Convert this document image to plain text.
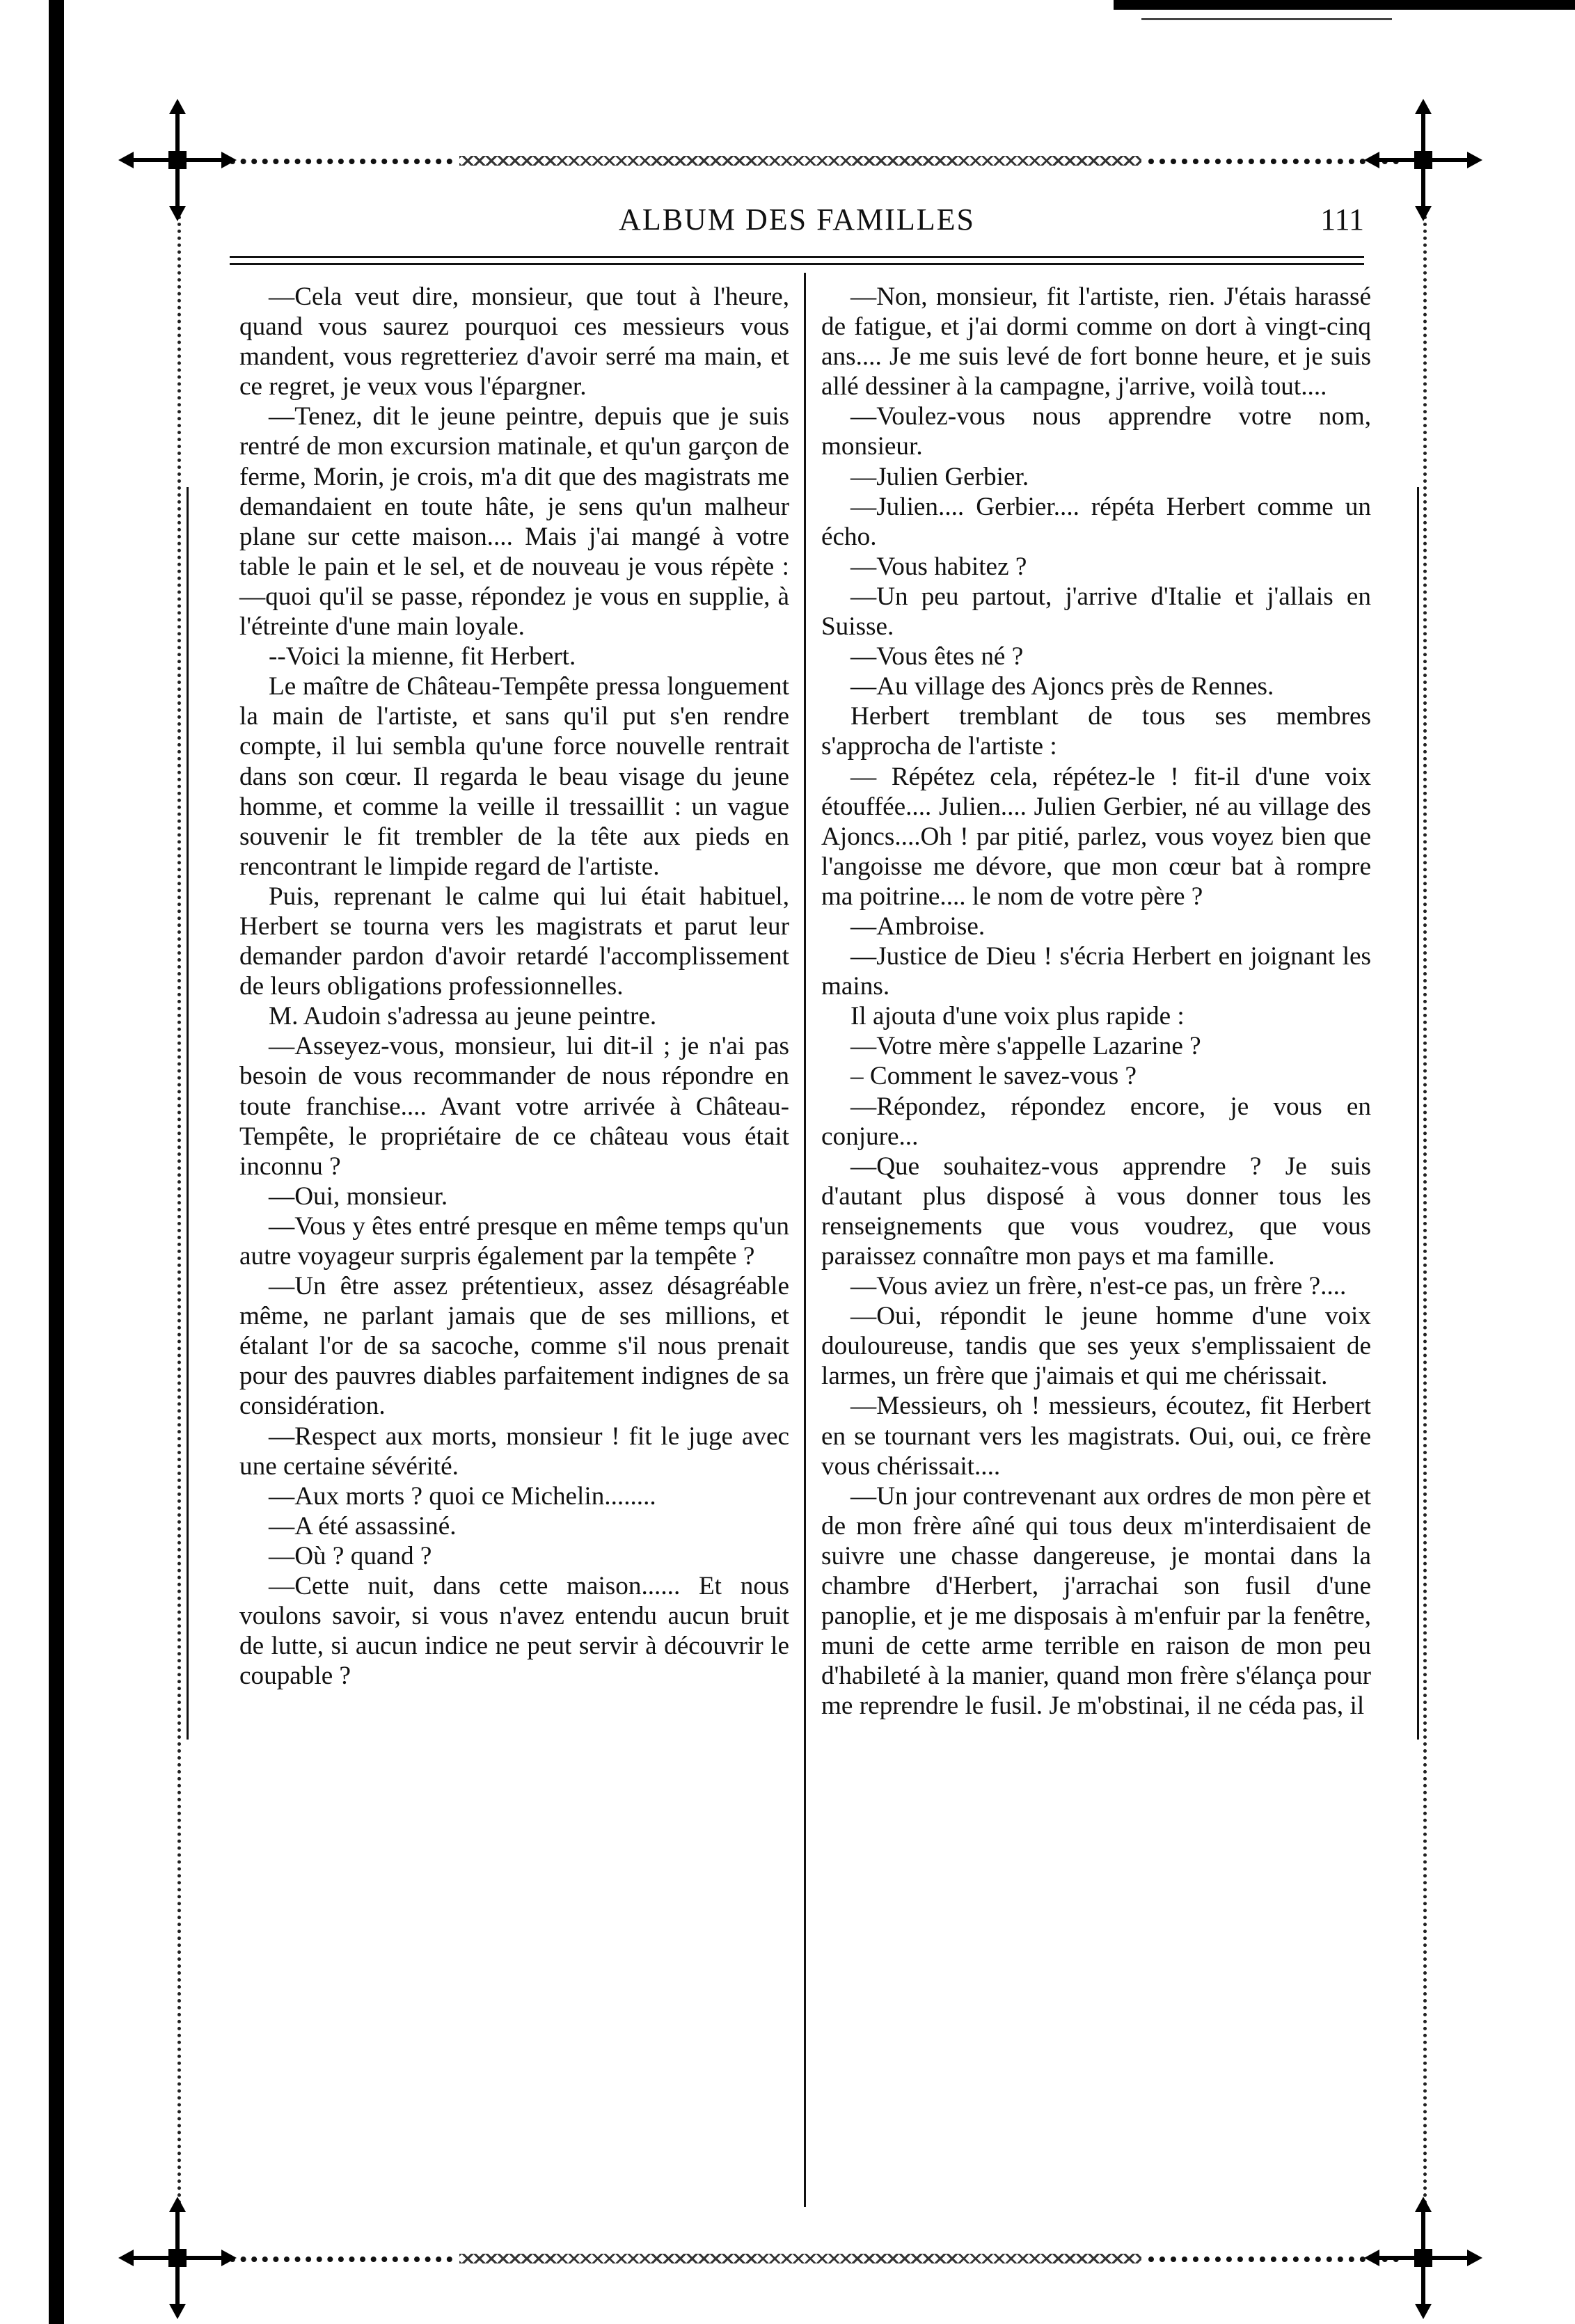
ALBUM DES FAMILLES	111

—Cela veut dire, monsieur, que tout à l'heure, quand vous saurez pourquoi ces messieurs vous mandent, vous regretteriez d'avoir serré ma main, et ce regret, je veux vous l'épargner.

—Tenez, dit le jeune peintre, depuis que je suis rentré de mon excursion matinale, et qu'un garçon de ferme, Morin, je crois, m'a dit que des magistrats me demandaient en toute hâte, je sens qu'un malheur plane sur cette maison.... Mais j'ai mangé à votre table le pain et le sel, et de nouveau je vous répète :—quoi qu'il se passe, répondez je vous en supplie, à l'étreinte d'une main loyale.

--Voici la mienne, fit Herbert.

Le maître de Château-Tempête pressa longuement la main de l'artiste, et sans qu'il put s'en rendre compte, il lui sembla qu'une force nouvelle rentrait dans son cœur. Il regarda le beau visage du jeune homme, et comme la veille il tressaillit : un vague souvenir le fit trembler de la tête aux pieds en rencontrant le limpide regard de l'artiste.

Puis, reprenant le calme qui lui était habituel, Herbert se tourna vers les magistrats et parut leur demander pardon d'avoir retardé l'accomplissement de leurs obligations professionnelles.

M. Audoin s'adressa au jeune peintre.

—Asseyez-vous, monsieur, lui dit-il ; je n'ai pas besoin de vous recommander de nous répondre en toute franchise.... Avant votre arrivée à Château-Tempête, le propriétaire de ce château vous était inconnu ?

—Oui, monsieur.

—Vous y êtes entré presque en même temps qu'un autre voyageur surpris également par la tempête ?

—Un être assez prétentieux, assez désagréable même, ne parlant jamais que de ses millions, et étalant l'or de sa sacoche, comme s'il nous prenait pour des pauvres diables parfaitement indignes de sa considération.

—Respect aux morts, monsieur ! fit le juge avec une certaine sévérité.

—Aux morts ? quoi ce Michelin........

—A été assassiné.

—Où ? quand ?

—Cette nuit, dans cette maison...... Et nous voulons savoir, si vous n'avez entendu aucun bruit de lutte, si aucun indice ne peut servir à découvrir le coupable ?

—Non, monsieur, fit l'artiste, rien. J'étais harassé de fatigue, et j'ai dormi comme on dort à vingt-cinq ans.... Je me suis levé de fort bonne heure, et je suis allé dessiner à la campagne, j'arrive, voilà tout....

—Voulez-vous nous apprendre votre nom, monsieur.

—Julien Gerbier.

—Julien.... Gerbier.... répéta Herbert comme un écho.

—Vous habitez ?

—Un peu partout, j'arrive d'Italie et j'allais en Suisse.

—Vous êtes né ?

—Au village des Ajoncs près de Rennes.

Herbert tremblant de tous ses membres s'approcha de l'artiste :

— Répétez cela, répétez-le ! fit-il d'une voix étouffée.... Julien.... Julien Gerbier, né au village des Ajoncs....Oh ! par pitié, parlez, vous voyez bien que l'angoisse me dévore, que mon cœur bat à rompre ma poitrine.... le nom de votre père ?

—Ambroise.

—Justice de Dieu ! s'écria Herbert en joignant les mains.

Il ajouta d'une voix plus rapide :

—Votre mère s'appelle Lazarine ?

– Comment le savez-vous ?

—Répondez, répondez encore, je vous en conjure...

—Que souhaitez-vous apprendre ? Je suis d'autant plus disposé à vous donner tous les renseignements que vous voudrez, que vous paraissez connaître mon pays et ma famille.

—Vous aviez un frère, n'est-ce pas, un frère ?....

—Oui, répondit le jeune homme d'une voix douloureuse, tandis que ses yeux s'emplissaient de larmes, un frère que j'aimais et qui me chérissait.

—Messieurs, oh ! messieurs, écoutez, fit Herbert en se tournant vers les magistrats. Oui, oui, ce frère vous chérissait....

—Un jour contrevenant aux ordres de mon père et de mon frère aîné qui tous deux m'interdisaient de suivre une chasse dangereuse, je montai dans la chambre d'Herbert, j'arrachai son fusil d'une panoplie, et je me disposais à m'enfuir par la fenêtre, muni de cette arme terrible en raison de mon peu d'habileté à la manier, quand mon frère s'élança pour me reprendre le fusil. Je m'obstinai, il ne céda pas, il
